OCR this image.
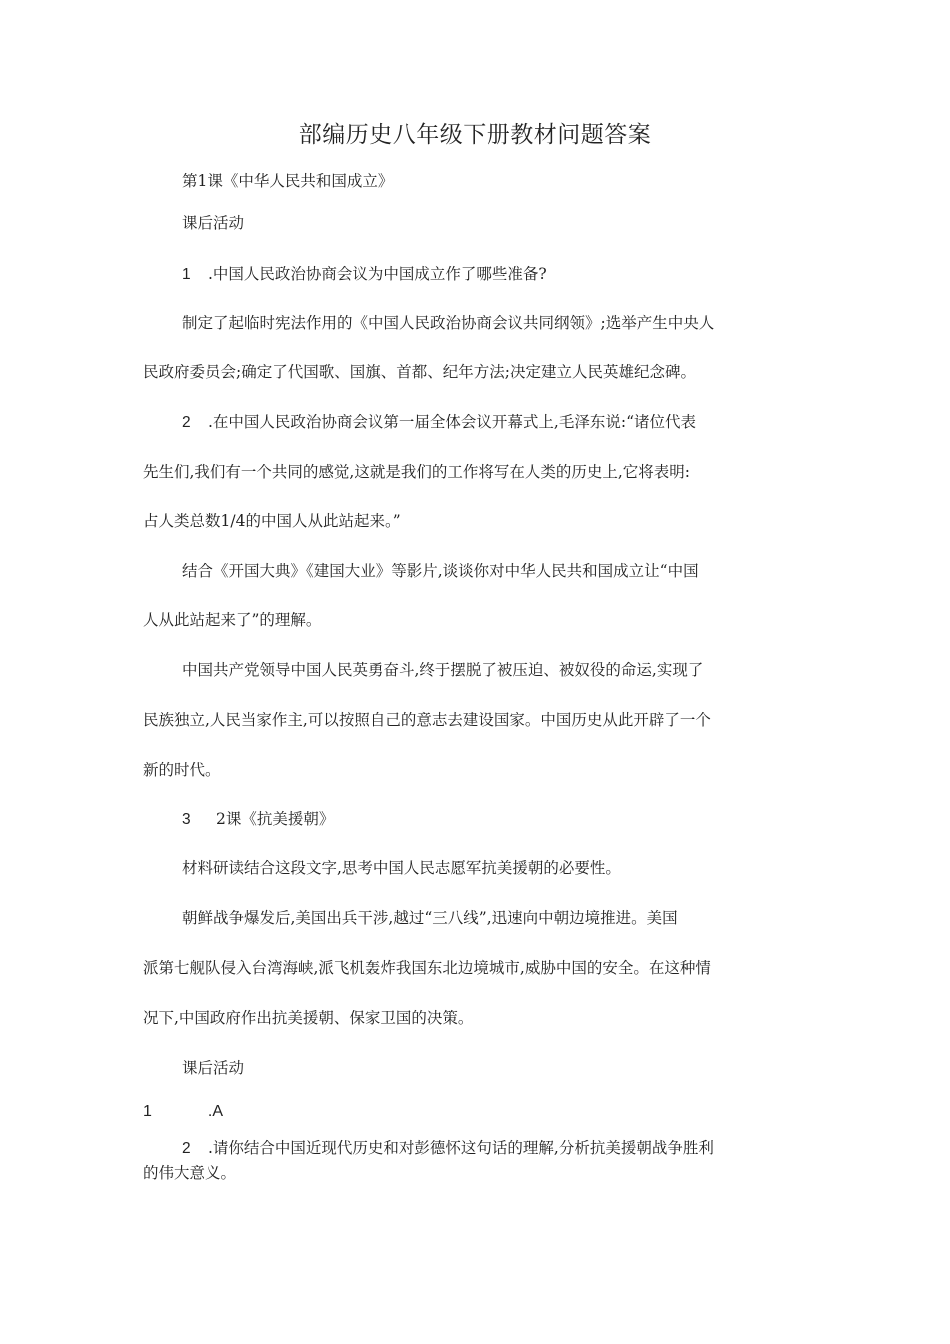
部编历史八年级下册教材问题答案
第1课《中华人民共和国成立》
课后活动
1 .中国人民政治协商会议为中国成立作了哪些准备?
制定了起临时宪法作用的《中国人民政治协商会议共同纲领》;选举产生中央人
民政府委员会;确定了代国歌、国旗、首都、纪年方法;决定建立人民英雄纪念碑。
2 .在中国人民政治协商会议第一届全体会议开幕式上,毛泽东说:“诸位代表
先生们,我们有一个共同的感觉,这就是我们的工作将写在人类的历史上,它将表明:
占人类总数1/4的中国人从此站起来。”
结合《开国大典》《建国大业》等影片,谈谈你对中华人民共和国成立让“中国
人从此站起来了”的理解。
中国共产党领导中国人民英勇奋斗,终于摆脱了被压迫、被奴役的命运,实现了
民族独立,人民当家作主,可以按照自己的意志去建设国家。中国历史从此开辟了一个
新的时代。
3 2课《抗美援朝》
材料研读结合这段文字,思考中国人民志愿军抗美援朝的必要性。
朝鲜战争爆发后,美国出兵干涉,越过“三八线”,迅速向中朝边境推进。美国
派第七舰队侵入台湾海峡,派飞机轰炸我国东北边境城市,威胁中国的安全。在这种情
况下,中国政府作出抗美援朝、保家卫国的决策。
课后活动
1	.A
2 .请你结合中国近现代历史和对彭德怀这句话的理解,分析抗美援朝战争胜利
的伟大意义。
